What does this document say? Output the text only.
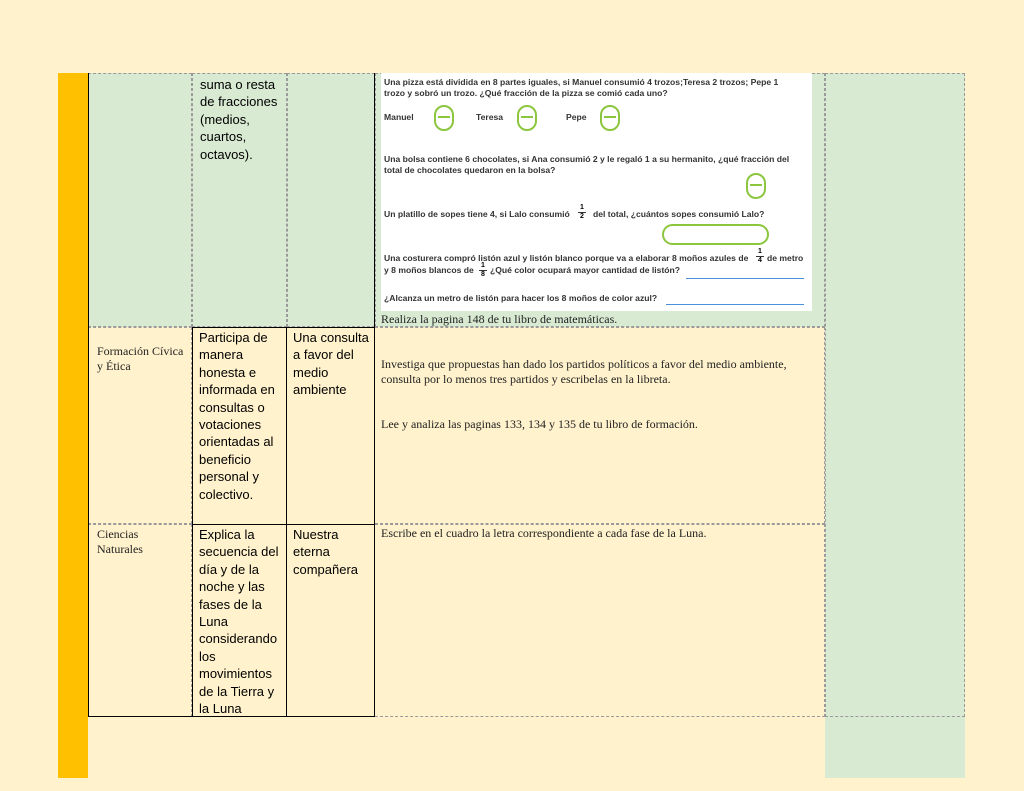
suma o resta de fracciones (medios, cuartos, octavos).
Una pizza está dividida en 8 partes iguales, si Manuel consumió 4 trozos;Teresa 2 trozos; Pepe 1 trozo y sobró un trozo. ¿Qué fracción de la pizza se comió cada uno?
Manuel	Teresa	Pepe
Una bolsa contiene 6 chocolates, si Ana consumió 2 y le regaló 1 a su hermanito, ¿qué fracción del total de chocolates quedaron en la bolsa?
Un platillo de sopes tiene 4, si Lalo consumió $\frac{1}{2}$ del total, ¿cuántos sopes consumió Lalo?
Una costurera compró listón azul y listón blanco porque va a elaborar 8 moños azules de $\frac{1}{4}$ de metro
y 8 moños blancos de $\frac{1}{8}$ ¿Qué color ocupará mayor cantidad de listón?
¿Alcanza un metro de listón para hacer los 8 moños de color azul?
Realiza la pagina 148 de tu libro de matemáticas.
Formación Cívica y Ética
Participa de manera honesta e informada en consultas o votaciones orientadas al beneficio personal y colectivo.
Una consulta a favor del medio ambiente
Investiga que propuestas han dado los partidos políticos a favor del medio ambiente, consulta por lo menos tres partidos y escribelas en la libreta.
Lee y analiza las paginas 133, 134 y 135 de tu libro de formación.
Ciencias Naturales
Explica la secuencia del día y de la noche y las fases de la Luna considerando los movimientos de la Tierra y la Luna
Nuestra eterna compañera
Escribe en el cuadro la letra correspondiente a cada fase de la Luna.
